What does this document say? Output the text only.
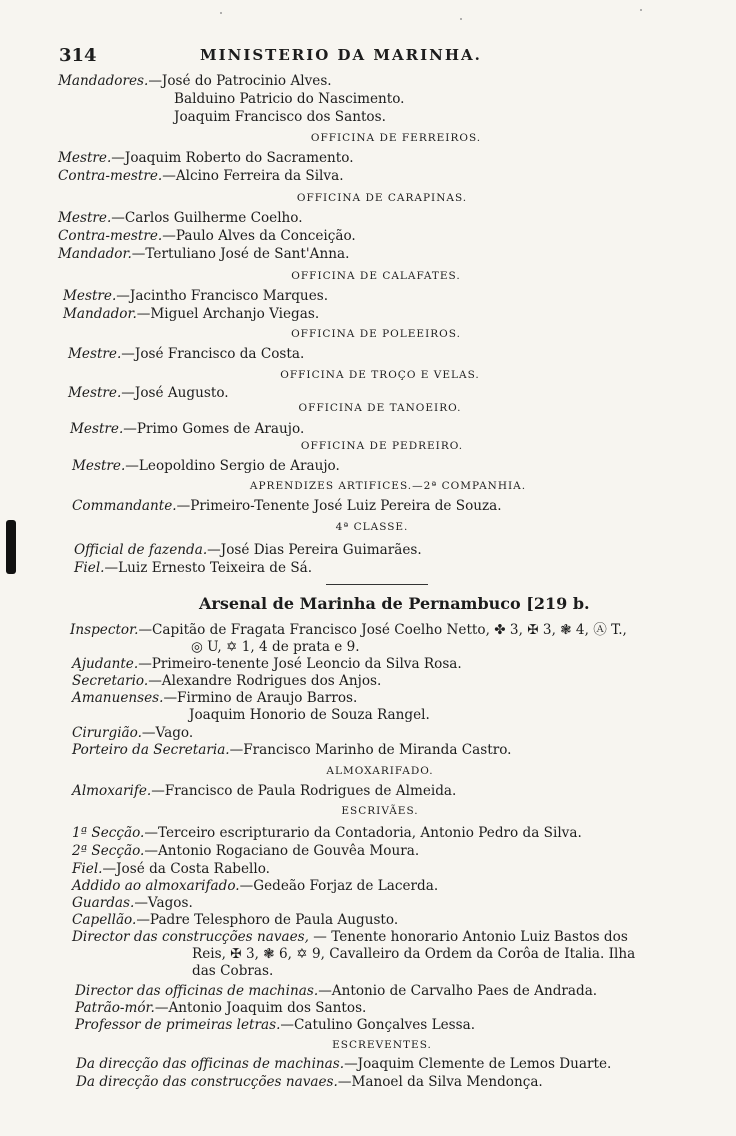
314	MINISTERIO DA MARINHA.
Mandadores.—José do Patrocinio Alves.
Balduino Patricio do Nascimento.
Joaquim Francisco dos Santos.
OFFICINA DE FERREIROS.
Mestre.—Joaquim Roberto do Sacramento.
Contra-mestre.—Alcino Ferreira da Silva.
OFFICINA DE CARAPINAS.
Mestre.—Carlos Guilherme Coelho.
Contra-mestre.—Paulo Alves da Conceição.
Mandador.—Tertuliano José de Sant'Anna.
OFFICINA DE CALAFATES.
Mestre.—Jacintho Francisco Marques.
Mandador.—Miguel Archanjo Viegas.
OFFICINA DE POLEEIROS.
Mestre.—José Francisco da Costa.
OFFICINA DE TROÇO E VELAS.
Mestre.—José Augusto.
OFFICINA DE TANOEIRO.
Mestre.—Primo Gomes de Araujo.
OFFICINA DE PEDREIRO.
Mestre.—Leopoldino Sergio de Araujo.
APRENDIZES ARTIFICES.—2ª COMPANHIA.
Commandante.—Primeiro-Tenente José Luiz Pereira de Souza.
4ª CLASSE.
Official de fazenda.—José Dias Pereira Guimarães.
Fiel.—Luiz Ernesto Teixeira de Sá.
Arsenal de Marinha de Pernambuco [219 b.
Inspector.—Capitão de Fragata Francisco José Coelho Netto, ✤ 3, ✠ 3, ❃ 4, Ⓐ T.,
◎ U, ✡ 1, 4 de prata e 9.
Ajudante.—Primeiro-tenente José Leoncio da Silva Rosa.
Secretario.—Alexandre Rodrigues dos Anjos.
Amanuenses.—Firmino de Araujo Barros.
Joaquim Honorio de Souza Rangel.
Cirurgião.—Vago.
Porteiro da Secretaria.—Francisco Marinho de Miranda Castro.
ALMOXARIFADO.
Almoxarife.—Francisco de Paula Rodrigues de Almeida.
ESCRIVÃES.
1ª Secção.—Terceiro escripturario da Contadoria, Antonio Pedro da Silva.
2ª Secção.—Antonio Rogaciano de Gouvêa Moura.
Fiel.—José da Costa Rabello.
Addido ao almoxarifado.—Gedeão Forjaz de Lacerda.
Guardas.—Vagos.
Capellão.—Padre Telesphoro de Paula Augusto.
Director das construcções navaes, — Tenente honorario Antonio Luiz Bastos dos
Reis, ✠ 3, ❃ 6, ✡ 9, Cavalleiro da Ordem da Corôa de Italia. Ilha
das Cobras.
Director das officinas de machinas.—Antonio de Carvalho Paes de Andrada.
Patrão-mór.—Antonio Joaquim dos Santos.
Professor de primeiras letras.—Catulino Gonçalves Lessa.
ESCREVENTES.
Da direcção das officinas de machinas.—Joaquim Clemente de Lemos Duarte.
Da direcção das construcções navaes.—Manoel da Silva Mendonça.
